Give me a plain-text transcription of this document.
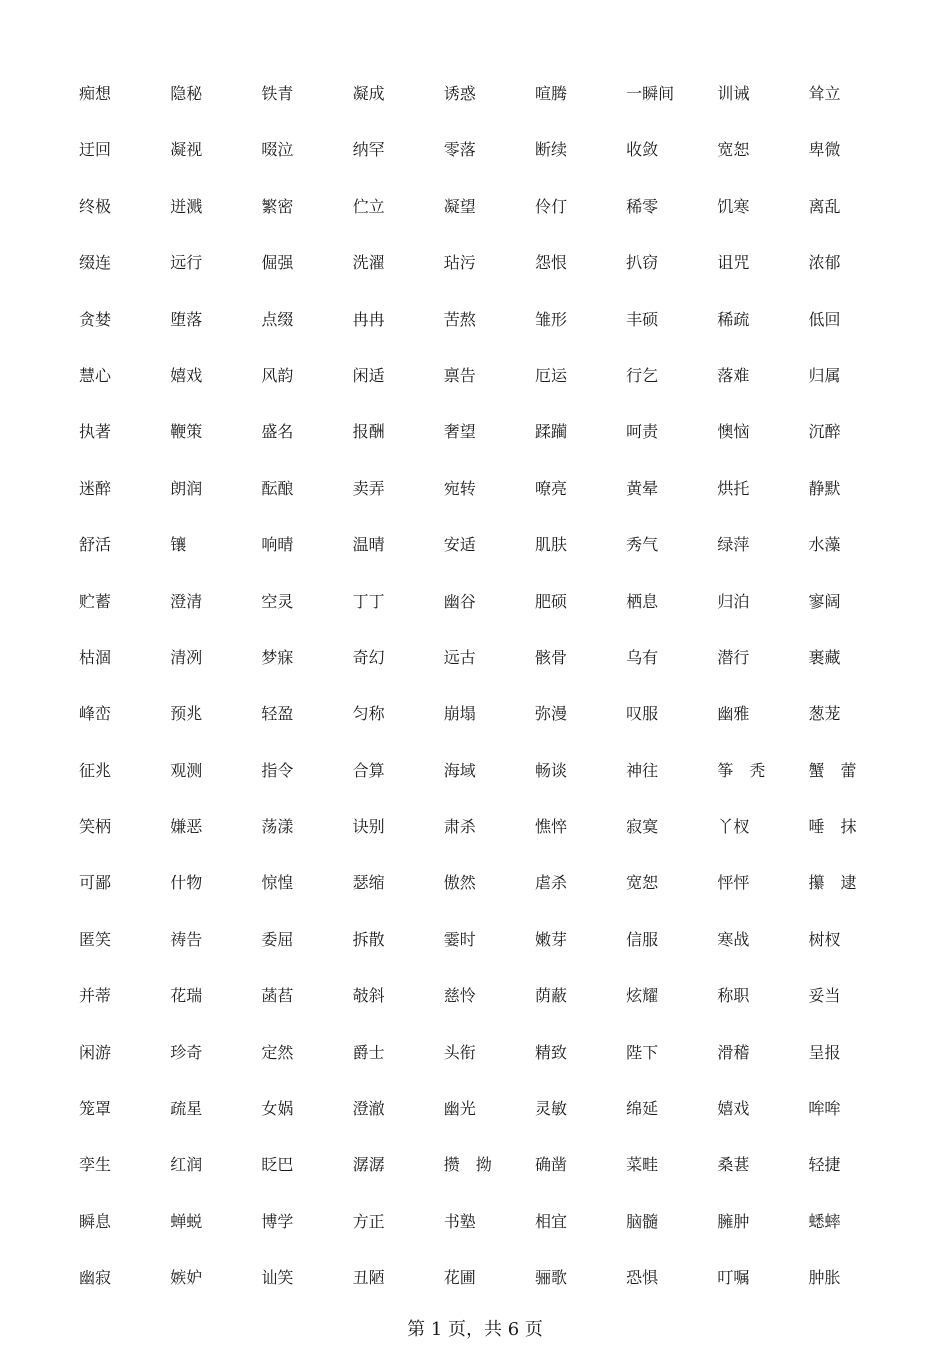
痴想	隐秘	铁青	凝成	诱惑	喧腾	一瞬间	训诫	耸立
迂回	凝视	啜泣	纳罕	零落	断续	收敛	宽恕	卑微
终极	迸溅	繁密	伫立	凝望	伶仃	稀零	饥寒	离乱
缀连	远行	倔强	洗濯	玷污	怨恨	扒窃	诅咒	浓郁
贪婪	堕落	点缀	冉冉	苦熬	雏形	丰硕	稀疏	低回
慧心	嬉戏	风韵	闲适	禀告	厄运	行乞	落难	归属
执著	鞭策	盛名	报酬	奢望	蹂躏	呵责	懊恼	沉醉
迷醉	朗润	酝酿	卖弄	宛转	嘹亮	黄晕	烘托	静默
舒活	镶	响晴	温晴	安适	肌肤	秀气	绿萍	水藻
贮蓄	澄清	空灵	丁丁	幽谷	肥硕	栖息	归泊	寥阔
枯涸	清冽	梦寐	奇幻	远古	骸骨	乌有	潜行	裹藏
峰峦	预兆	轻盈	匀称	崩塌	弥漫	叹服	幽雅	葱茏
征兆	观测	指令	合算	海域	畅谈	神往	筝　秃	蟹　蕾
笑柄	嫌恶	荡漾	诀别	肃杀	憔悴	寂寞	丫杈	唾　抹
可鄙	什物	惊惶	瑟缩	傲然	虐杀	宽恕	怦怦	攥　逮
匿笑	祷告	委屈	拆散	霎时	嫩芽	信服	寒战	树杈
并蒂	花瑞	菡萏	攲斜	慈怜	荫蔽	炫耀	称职	妥当
闲游	珍奇	定然	爵士	头衔	精致	陛下	滑稽	呈报
笼罩	疏星	女娲	澄澈	幽光	灵敏	绵延	嬉戏	哞哞
孪生	红润	眨巴	潺潺	攒　拗	确凿	菜畦	桑葚	轻捷
瞬息	蝉蜕	博学	方正	书塾	相宜	脑髓	臃肿	蟋蟀
幽寂	嫉妒	讪笑	丑陋	花圃	骊歌	恐惧	叮嘱	肿胀
第 1 页，共 6 页
